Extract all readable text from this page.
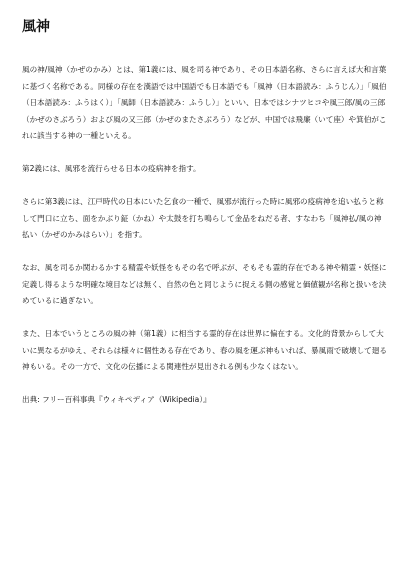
風神

風の神/風神（かぜのかみ）とは、第1義には、風を司る神であり、その日本語名称、さらに言えば大和言葉に基づく名称である。同様の存在を漢語では中国語でも日本語でも「風神（日本語読み：ふうじん）」「風伯（日本語読み：ふうはく）」「風師（日本語読み：ふうし）」といい、日本ではシナツヒコや風三郎/風の三郎（かぜのさぶろう）および風の又三郎（かぜのまたさぶろう）などが、中国では飛廉（いて座）や箕伯がこれに該当する神の一種といえる。

第2義には、風邪を流行らせる日本の疫病神を指す。

さらに第3義には、江戸時代の日本にいた乞食の一種で、風邪が流行った時に風邪の疫病神を追い払うと称して門口に立ち、面をかぶり鉦（かね）や太鼓を打ち鳴らして金品をねだる者、すなわち「風神払/風の神払い（かぜのかみはらい）」を指す。

なお、風を司るか関わるかする精霊や妖怪をもその名で呼ぶが、そもそも霊的存在である神や精霊・妖怪に定義し得るような明確な境目などは無く、自然の色と同じように捉える側の感覚と価値観が名称と扱いを決めているに過ぎない。

また、日本でいうところの風の神（第1義）に相当する霊的存在は世界に偏在する。文化的背景からして大いに異なるがゆえ、それらは様々に個性ある存在であり、春の風を運ぶ神もいれば、暴風雨で破壊して廻る神もいる。その一方で、文化の伝播による関連性が見出される例も少なくはない。

出典: フリー百科事典『ウィキペディア（Wikipedia）』
